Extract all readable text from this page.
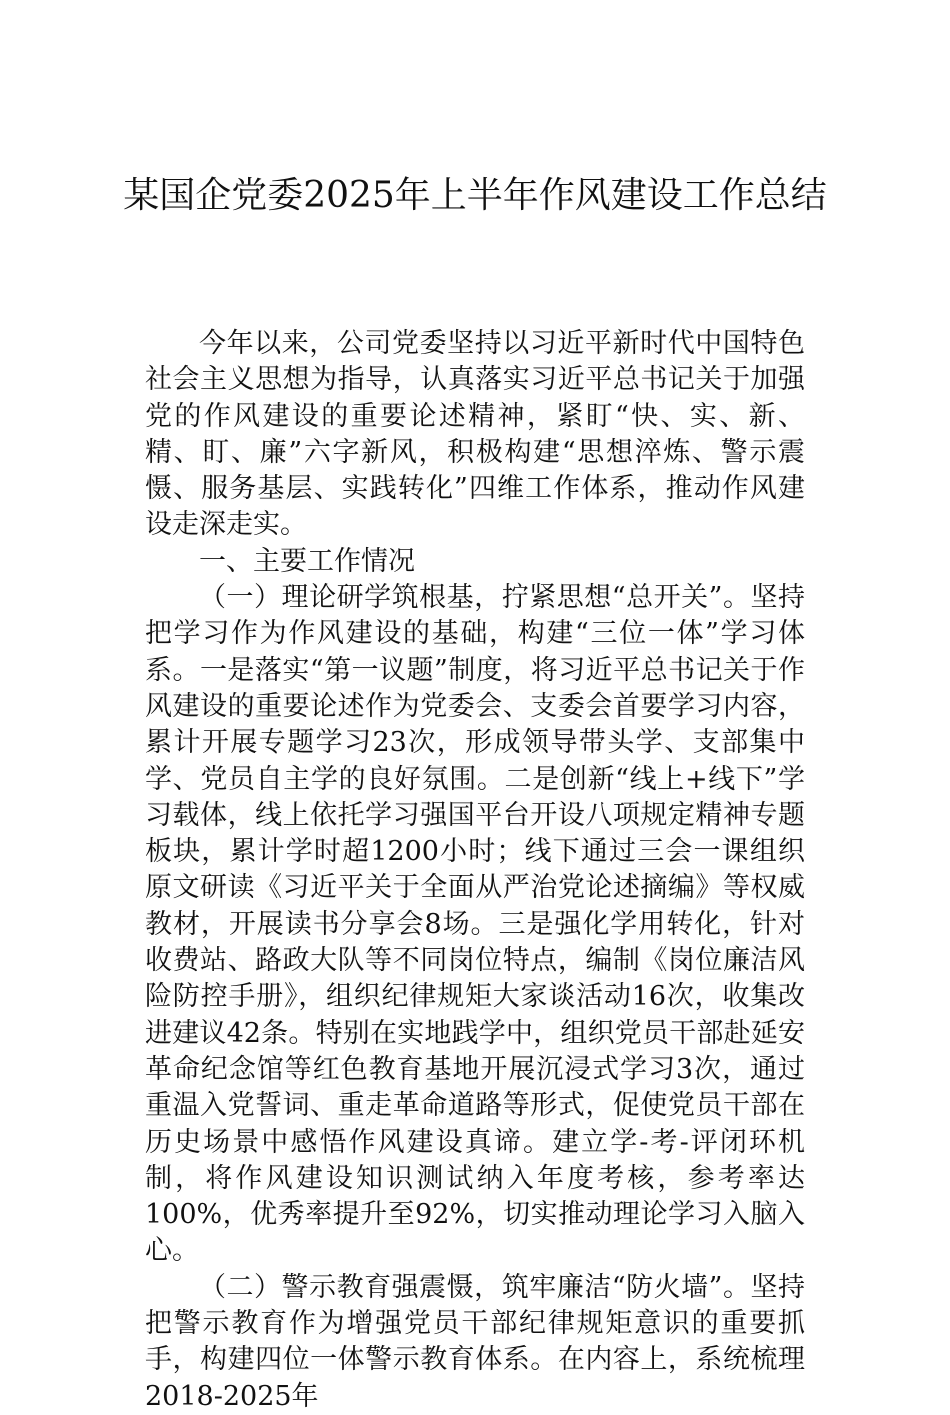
某国企党委2025年上半年作风建设工作总结

今年以来，公司党委坚持以习近平新时代中国特色社会主义思想为指导，认真落实习近平总书记关于加强党的作风建设的重要论述精神，紧盯“快、实、新、精、盯、廉”六字新风，积极构建“思想淬炼、警示震慑、服务基层、实践转化”四维工作体系，推动作风建设走深走实。

一、主要工作情况

（一）理论研学筑根基，拧紧思想“总开关”。坚持把学习作为作风建设的基础，构建“三位一体”学习体系。一是落实“第一议题”制度，将习近平总书记关于作风建设的重要论述作为党委会、支委会首要学习内容，累计开展专题学习23次，形成领导带头学、支部集中学、党员自主学的良好氛围。二是创新“线上+线下”学习载体，线上依托学习强国平台开设八项规定精神专题板块，累计学时超1200小时；线下通过三会一课组织原文研读《习近平关于全面从严治党论述摘编》等权威教材，开展读书分享会8场。三是强化学用转化，针对收费站、路政大队等不同岗位特点，编制《岗位廉洁风险防控手册》，组织纪律规矩大家谈活动16次，收集改进建议42条。特别在实地践学中，组织党员干部赴延安革命纪念馆等红色教育基地开展沉浸式学习3次，通过重温入党誓词、重走革命道路等形式，促使党员干部在历史场景中感悟作风建设真谛。建立学-考-评闭环机制，将作风建设知识测试纳入年度考核，参考率达100%，优秀率提升至92%，切实推动理论学习入脑入心。

（二）警示教育强震慑，筑牢廉洁“防火墙”。坚持把警示教育作为增强党员干部纪律规矩意识的重要抓手，构建四位一体警示教育体系。在内容上，系统梳理2018-2025年
